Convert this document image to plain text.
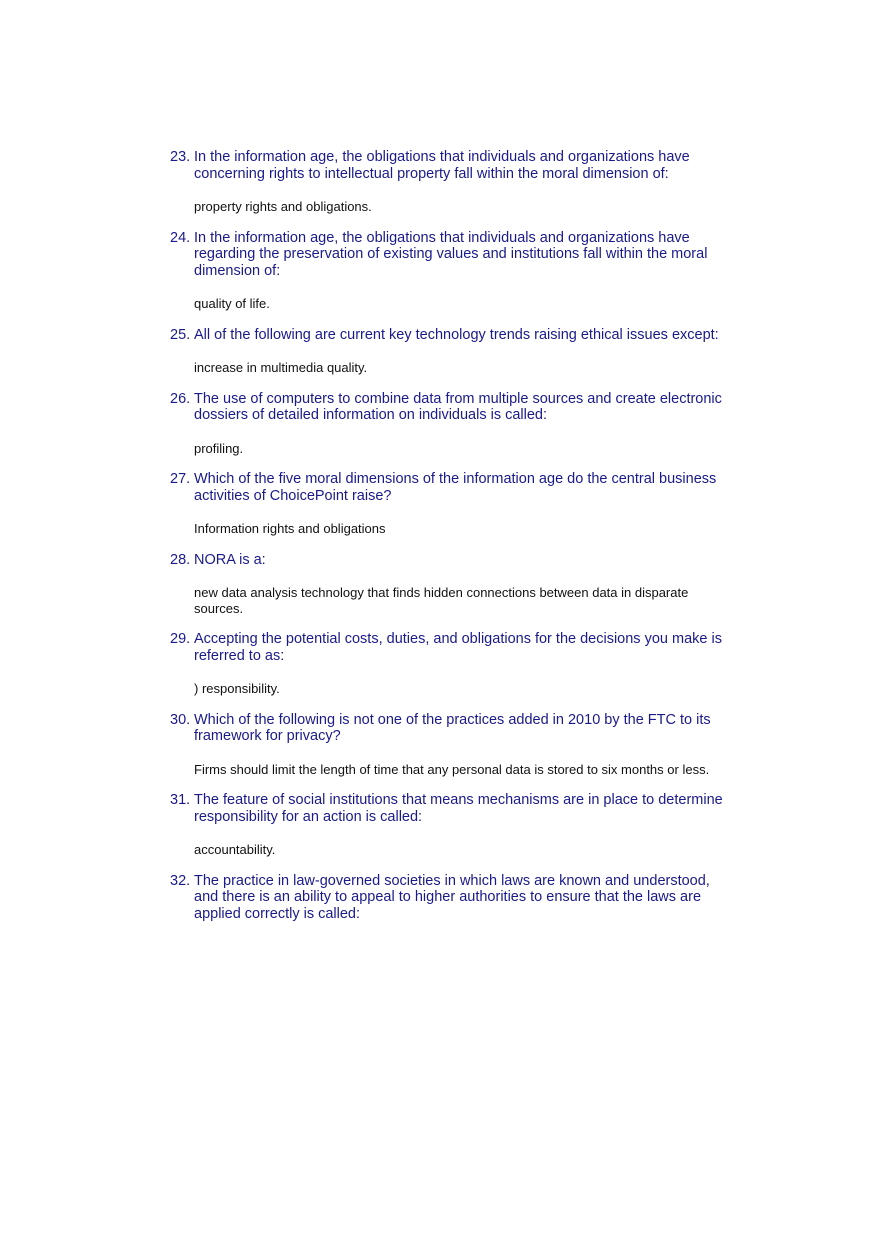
23. In the information age, the obligations that individuals and organizations have concerning rights to intellectual property fall within the moral dimension of:
property rights and obligations.
24. In the information age, the obligations that individuals and organizations have regarding the preservation of existing values and institutions fall within the moral dimension of:
quality of life.
25. All of the following are current key technology trends raising ethical issues except:
increase in multimedia quality.
26. The use of computers to combine data from multiple sources and create electronic dossiers of detailed information on individuals is called:
profiling.
27. Which of the five moral dimensions of the information age do the central business activities of ChoicePoint raise?
Information rights and obligations
28. NORA is a:
new data analysis technology that finds hidden connections between data in disparate sources.
29. Accepting the potential costs, duties, and obligations for the decisions you make is referred to as:
) responsibility.
30. Which of the following is not one of the practices added in 2010 by the FTC to its framework for privacy?
Firms should limit the length of time that any personal data is stored to six months or less.
31. The feature of social institutions that means mechanisms are in place to determine responsibility for an action is called:
accountability.
32. The practice in law-governed societies in which laws are known and understood, and there is an ability to appeal to higher authorities to ensure that the laws are applied correctly is called:
